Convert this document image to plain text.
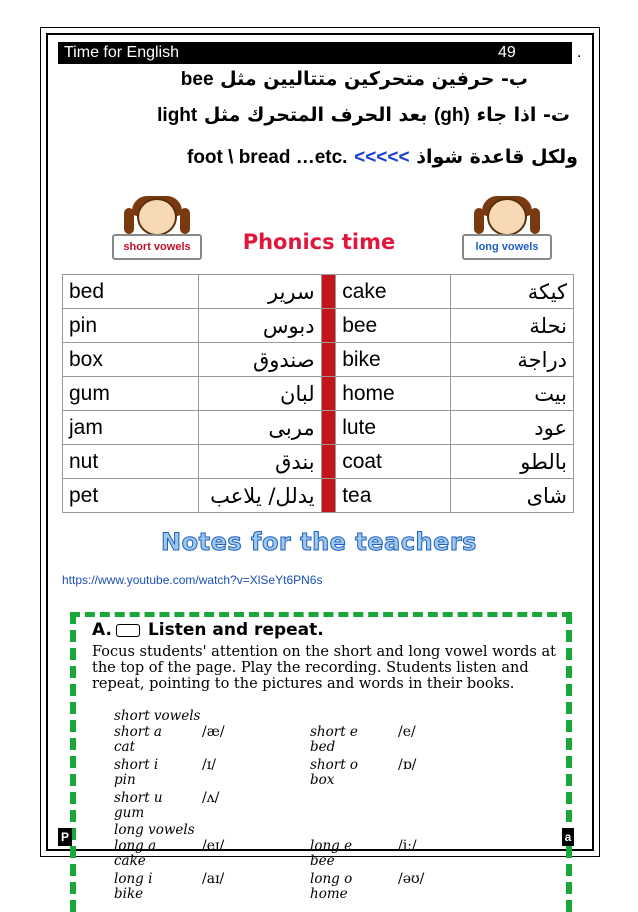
Time for English	49	.
ب- حرفين متحركين متتاليين مثل bee
ت- اذا جاء (gh) بعد الحرف المتحرك مثل light
ولكل قاعدة شواذ <<<<< foot \ bread …etc.
short vowels	long vowels
Phonics time
bed	سرير		cake	كيكة
pin	دبوس		bee	نحلة
box	صندوق		bike	دراجة
gum	لبان		home	بيت
jam	مربى		lute	عود
nut	بندق		coat	بالطو
pet	يدلل/ يلاعب		tea	شاى
Notes for the teachers
https://www.youtube.com/watch?v=XlSeYt6PN6s
A. Listen and repeat.
Focus students' attention on the short and long vowel words at the top of the page. Play the recording. Students listen and repeat, pointing to the pictures and words in their books.
short vowels
long vowels
short a	/æ/
cat
short e	/e/
bed
short i	/ɪ/
pin
short o	/ɒ/
box
short u	/ʌ/
gum
long a	/eɪ/
cake
long e	/iː/
bee
long i	/aɪ/
bike
long o	/əʊ/
home
P	a
